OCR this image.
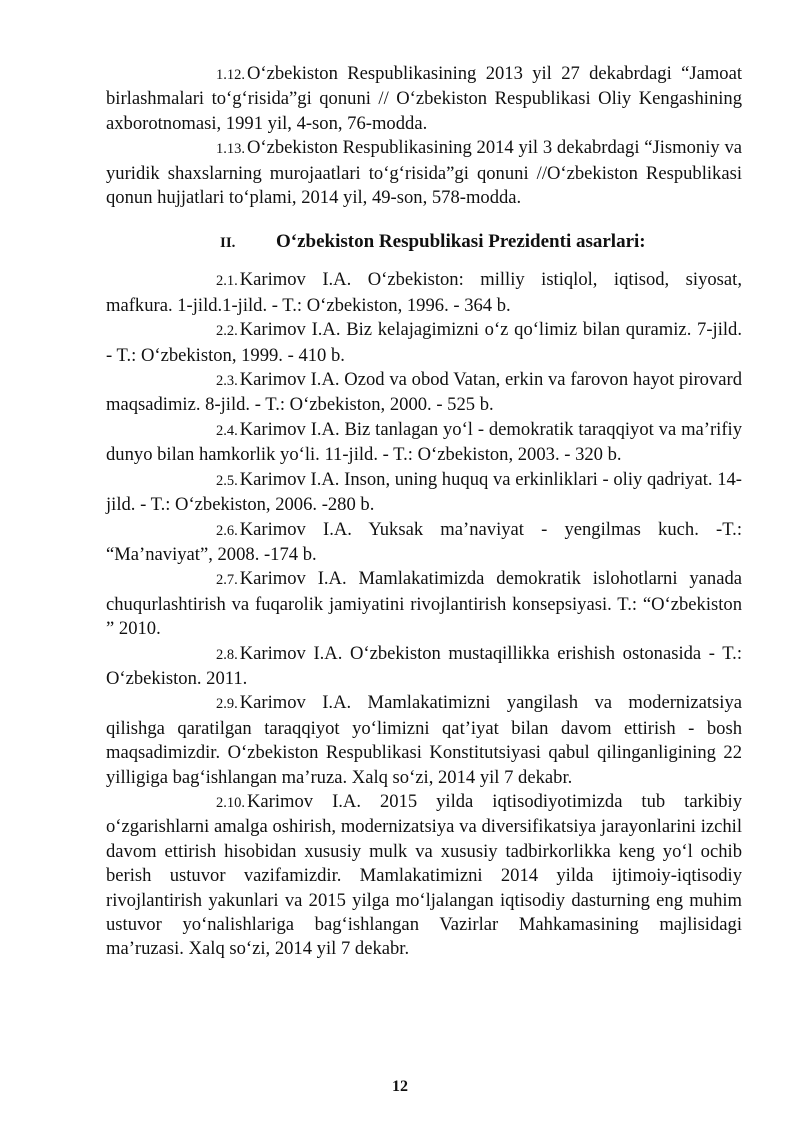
1.12. O‘zbekiston Respublikasining 2013 yil 27 dekabrdagi “Jamoat birlashmalari to‘g‘risida”gi qonuni // O‘zbekiston Respublikasi Oliy Kengashining axborotnomasi, 1991 yil, 4-son, 76-modda.

1.13. O‘zbekiston Respublikasining 2014 yil 3 dekabrdagi “Jismoniy va yuridik shaxslarning murojaatlari to‘g‘risida”gi qonuni //O‘zbekiston Respublikasi qonun hujjatlari to‘plami, 2014 yil, 49-son, 578-modda.

II. O‘zbekiston Respublikasi Prezidenti asarlari:

2.1. Karimov I.A. O‘zbekiston: milliy istiqlol, iqtisod, siyosat, mafkura. 1-jild.1-jild. - T.: O‘zbekiston, 1996. - 364 b.

2.2. Karimov I.A. Biz kelajagimizni o‘z qo‘limiz bilan quramiz. 7-jild. - T.: O‘zbekiston, 1999. - 410 b.

2.3. Karimov I.A. Ozod va obod Vatan, erkin va farovon hayot pirovard maqsadimiz. 8-jild. - T.: O‘zbekiston, 2000. - 525 b.

2.4. Karimov I.A. Biz tanlagan yo‘l - demokratik taraqqiyot va ma’rifiy dunyo bilan hamkorlik yo‘li. 11-jild. - T.: O‘zbekiston, 2003. - 320 b.

2.5. Karimov I.A. Inson, uning huquq va erkinliklari - oliy qadriyat. 14-jild. - T.: O‘zbekiston, 2006. -280 b.

2.6. Karimov I.A. Yuksak ma’naviyat - yengilmas kuch. -T.: “Ma’naviyat”, 2008. -174 b.

2.7. Karimov I.A. Mamlakatimizda demokratik islohotlarni yanada chuqurlashtirish va fuqarolik jamiyatini rivojlantirish konsepsiyasi. T.: “O‘zbekiston ” 2010.

2.8. Karimov I.A. O‘zbekiston mustaqillikka erishish ostonasida - T.: O‘zbekiston. 2011.

2.9. Karimov I.A. Mamlakatimizni yangilash va modernizatsiya qilishga qaratilgan taraqqiyot yo‘limizni qat’iyat bilan davom ettirish - bosh maqsadimizdir. O‘zbekiston Respublikasi Konstitutsiyasi qabul qilinganligining 22 yilligiga bag‘ishlangan ma’ruza. Xalq so‘zi, 2014 yil 7 dekabr.

2.10. Karimov I.A. 2015 yilda iqtisodiyotimizda tub tarkibiy o‘zgarishlarni amalga oshirish, modernizatsiya va diversifikatsiya jarayonlarini izchil davom ettirish hisobidan xususiy mulk va xususiy tadbirkorlikka keng yo‘l ochib berish ustuvor vazifamizdir. Mamlakatimizni 2014 yilda ijtimoiy-iqtisodiy rivojlantirish yakunlari va 2015 yilga mo‘ljalangan iqtisodiy dasturning eng muhim ustuvor yo‘nalishlariga bag‘ishlangan Vazirlar Mahkamasining majlisidagi ma’ruzasi. Xalq so‘zi, 2014 yil 7 dekabr.

12
